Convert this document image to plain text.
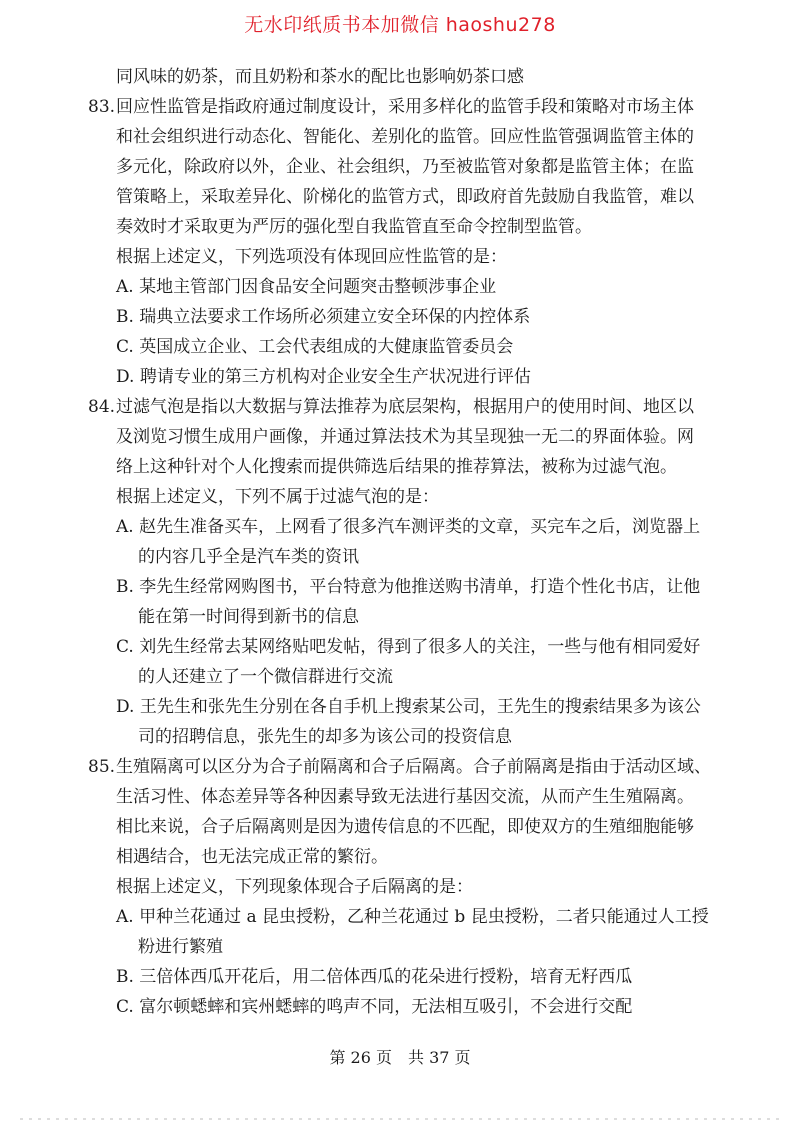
无水印纸质书本加微信 haoshu278
同风味的奶茶，而且奶粉和茶水的配比也影响奶茶口感
83. 回应性监管是指政府通过制度设计，采用多样化的监管手段和策略对市场主体
和社会组织进行动态化、智能化、差别化的监管。回应性监管强调监管主体的
多元化，除政府以外，企业、社会组织，乃至被监管对象都是监管主体；在监
管策略上，采取差异化、阶梯化的监管方式，即政府首先鼓励自我监管，难以
奏效时才采取更为严厉的强化型自我监管直至命令控制型监管。
根据上述定义，下列选项没有体现回应性监管的是：
A. 某地主管部门因食品安全问题突击整顿涉事企业
B. 瑞典立法要求工作场所必须建立安全环保的内控体系
C. 英国成立企业、工会代表组成的大健康监管委员会
D. 聘请专业的第三方机构对企业安全生产状况进行评估
84. 过滤气泡是指以大数据与算法推荐为底层架构，根据用户的使用时间、地区以
及浏览习惯生成用户画像，并通过算法技术为其呈现独一无二的界面体验。网
络上这种针对个人化搜索而提供筛选后结果的推荐算法，被称为过滤气泡。
根据上述定义，下列不属于过滤气泡的是：
A. 赵先生准备买车，上网看了很多汽车测评类的文章，买完车之后，浏览器上
的内容几乎全是汽车类的资讯
B. 李先生经常网购图书，平台特意为他推送购书清单，打造个性化书店，让他
能在第一时间得到新书的信息
C. 刘先生经常去某网络贴吧发帖，得到了很多人的关注，一些与他有相同爱好
的人还建立了一个微信群进行交流
D. 王先生和张先生分别在各自手机上搜索某公司，王先生的搜索结果多为该公
司的招聘信息，张先生的却多为该公司的投资信息
85. 生殖隔离可以区分为合子前隔离和合子后隔离。合子前隔离是指由于活动区域、
生活习性、体态差异等各种因素导致无法进行基因交流，从而产生生殖隔离。
相比来说，合子后隔离则是因为遗传信息的不匹配，即使双方的生殖细胞能够
相遇结合，也无法完成正常的繁衍。
根据上述定义，下列现象体现合子后隔离的是：
A. 甲种兰花通过 a 昆虫授粉，乙种兰花通过 b 昆虫授粉，二者只能通过人工授
粉进行繁殖
B. 三倍体西瓜开花后，用二倍体西瓜的花朵进行授粉，培育无籽西瓜
C. 富尔顿蟋蟀和宾州蟋蟀的鸣声不同，无法相互吸引，不会进行交配
第 26 页　共 37 页
